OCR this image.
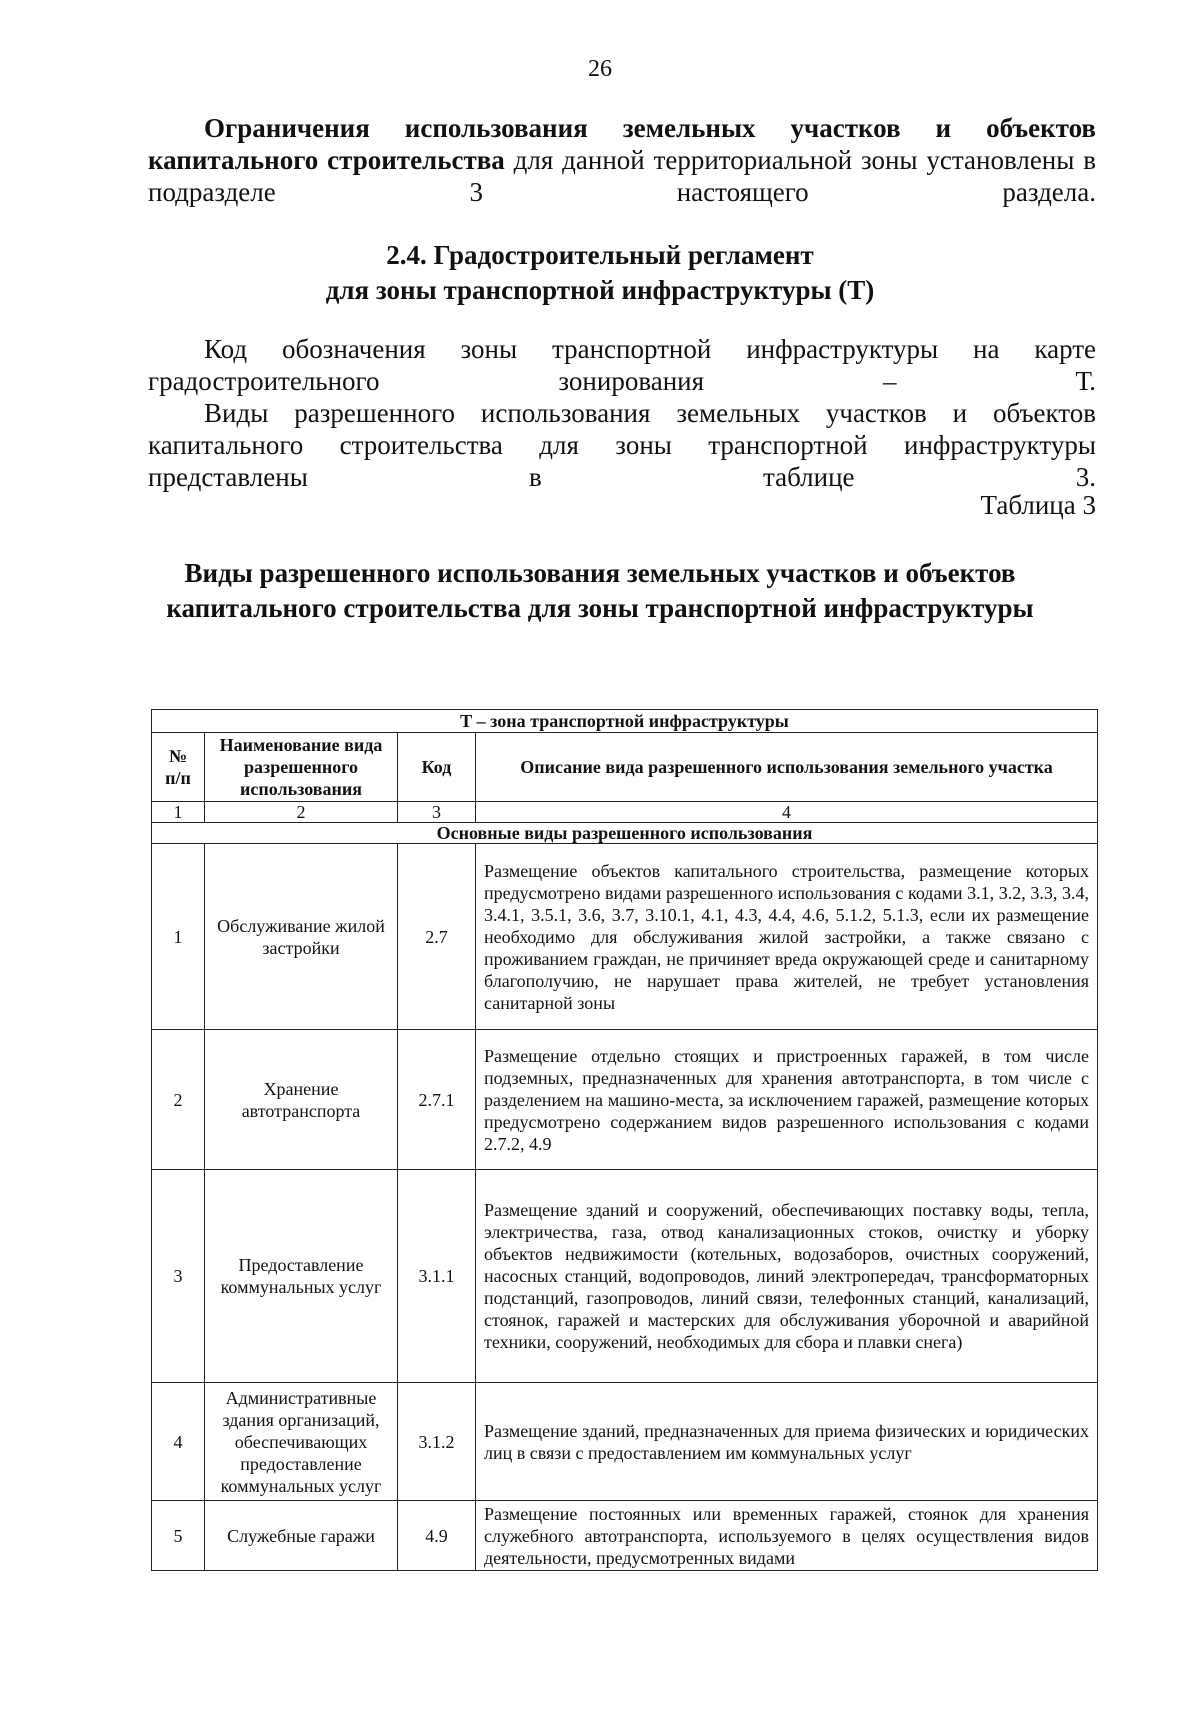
26
Ограничения использования земельных участков и объектов капитального строительства для данной территориальной зоны установлены в подразделе 3 настоящего раздела.
2.4. Градостроительный регламент
для зоны транспортной инфраструктуры (Т)
Код обозначения зоны транспортной инфраструктуры на карте градостроительного зонирования – Т.
Виды разрешенного использования земельных участков и объектов капитального строительства для зоны транспортной инфраструктуры представлены в таблице 3.
Таблица 3
Виды разрешенного использования земельных участков и объектов
капитального строительства для зоны транспортной инфраструктуры
Т – зона транспортной инфраструктуры			
№ п/п	Наименование вида разрешенного использования	Код	Описание вида разрешенного использования земельного участка
1	2	3	4
Основные виды разрешенного использования			
1	Обслуживание жилой застройки	2.7	Размещение объектов капитального строительства, размещение которых предусмотрено видами разрешенного использования с кодами 3.1, 3.2, 3.3, 3.4, 3.4.1, 3.5.1, 3.6, 3.7, 3.10.1, 4.1, 4.3, 4.4, 4.6, 5.1.2, 5.1.3, если их размещение необходимо для обслуживания жилой застройки, а также связано с проживанием граждан, не причиняет вреда окружающей среде и санитарному благополучию, не нарушает права жителей, не требует установления санитарной зоны
2	Хранение автотранспорта	2.7.1	Размещение отдельно стоящих и пристроенных гаражей, в том числе подземных, предназначенных для хранения автотранспорта, в том числе с разделением на машино-места, за исключением гаражей, размещение которых предусмотрено содержанием видов разрешенного использования с кодами 2.7.2, 4.9
3	Предоставление коммунальных услуг	3.1.1	Размещение зданий и сооружений, обеспечивающих поставку воды, тепла, электричества, газа, отвод канализационных стоков, очистку и уборку объектов недвижимости (котельных, водозаборов, очистных сооружений, насосных станций, водопроводов, линий электропередач, трансформаторных подстанций, газопроводов, линий связи, телефонных станций, канализаций, стоянок, гаражей и мастерских для обслуживания уборочной и аварийной техники, сооружений, необходимых для сбора и плавки снега)
4	Административные здания организаций, обеспечивающих предоставление коммунальных услуг	3.1.2	Размещение зданий, предназначенных для приема физических и юридических лиц в связи с предоставлением им коммунальных услуг
5	Служебные гаражи	4.9	Размещение постоянных или временных гаражей, стоянок для хранения служебного автотранспорта, используемого в целях осуществления видов деятельности, предусмотренных видами
